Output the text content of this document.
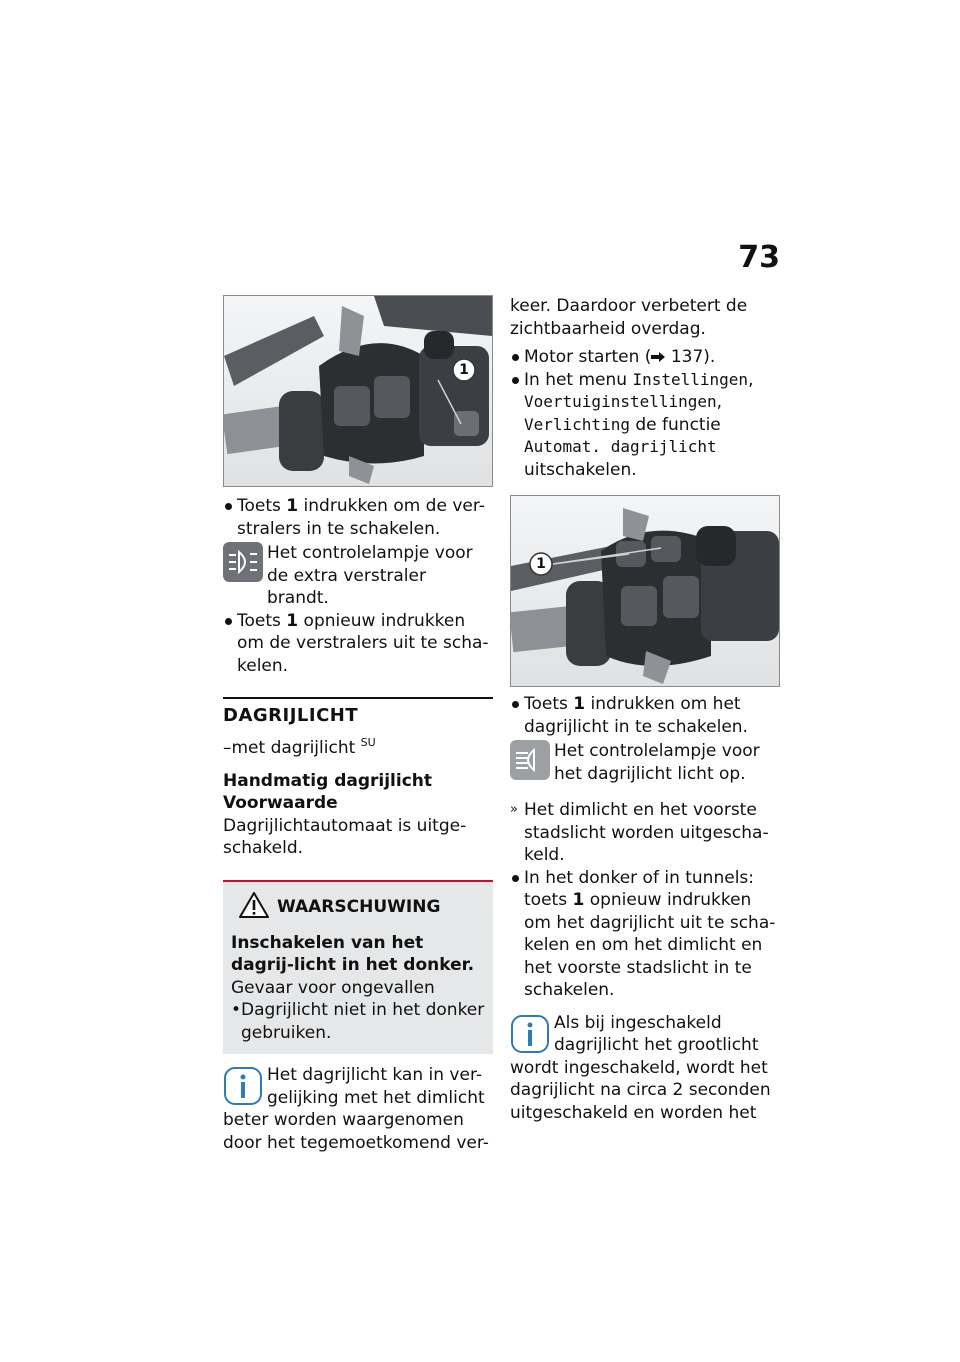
73
1
Toets 1 indrukken om de ver-stralers in te schakelen.
Het controlelampje voor de extra verstraler brandt.
Toets 1 opnieuw indrukken om de verstralers uit te scha-kelen.
DAGRIJLICHT
–met dagrijlicht $^{SU}$
Handmatig dagrijlicht
Voorwaarde
Dagrijlichtautomaat is uitge-schakeld.
WAARSCHUWING
Inschakelen van het dagrij-licht in het donker.
Gevaar voor ongevallen
• Dagrijlicht niet in het donker gebruiken.
Het dagrijlicht kan in ver-gelijking met het dimlicht beter worden waargenomen door het tegemoetkomend ver-
keer. Daardoor verbetert de zichtbaarheid overdag.
Motor starten ( 137).
In het menu Instellingen, Voertuiginstellingen, Verlichting de functie Automat. dagrijlicht uitschakelen.
1
Toets 1 indrukken om het dagrijlicht in te schakelen.
Het controlelampje voor het dagrijlicht licht op.
» Het dimlicht en het voorste stadslicht worden uitgescha-keld.
In het donker of in tunnels: toets 1 opnieuw indrukken om het dagrijlicht uit te scha-kelen en om het dimlicht en het voorste stadslicht in te schakelen.
Als bij ingeschakeld dagrijlicht het grootlicht wordt ingeschakeld, wordt het dagrijlicht na circa 2 seconden uitgeschakeld en worden het
